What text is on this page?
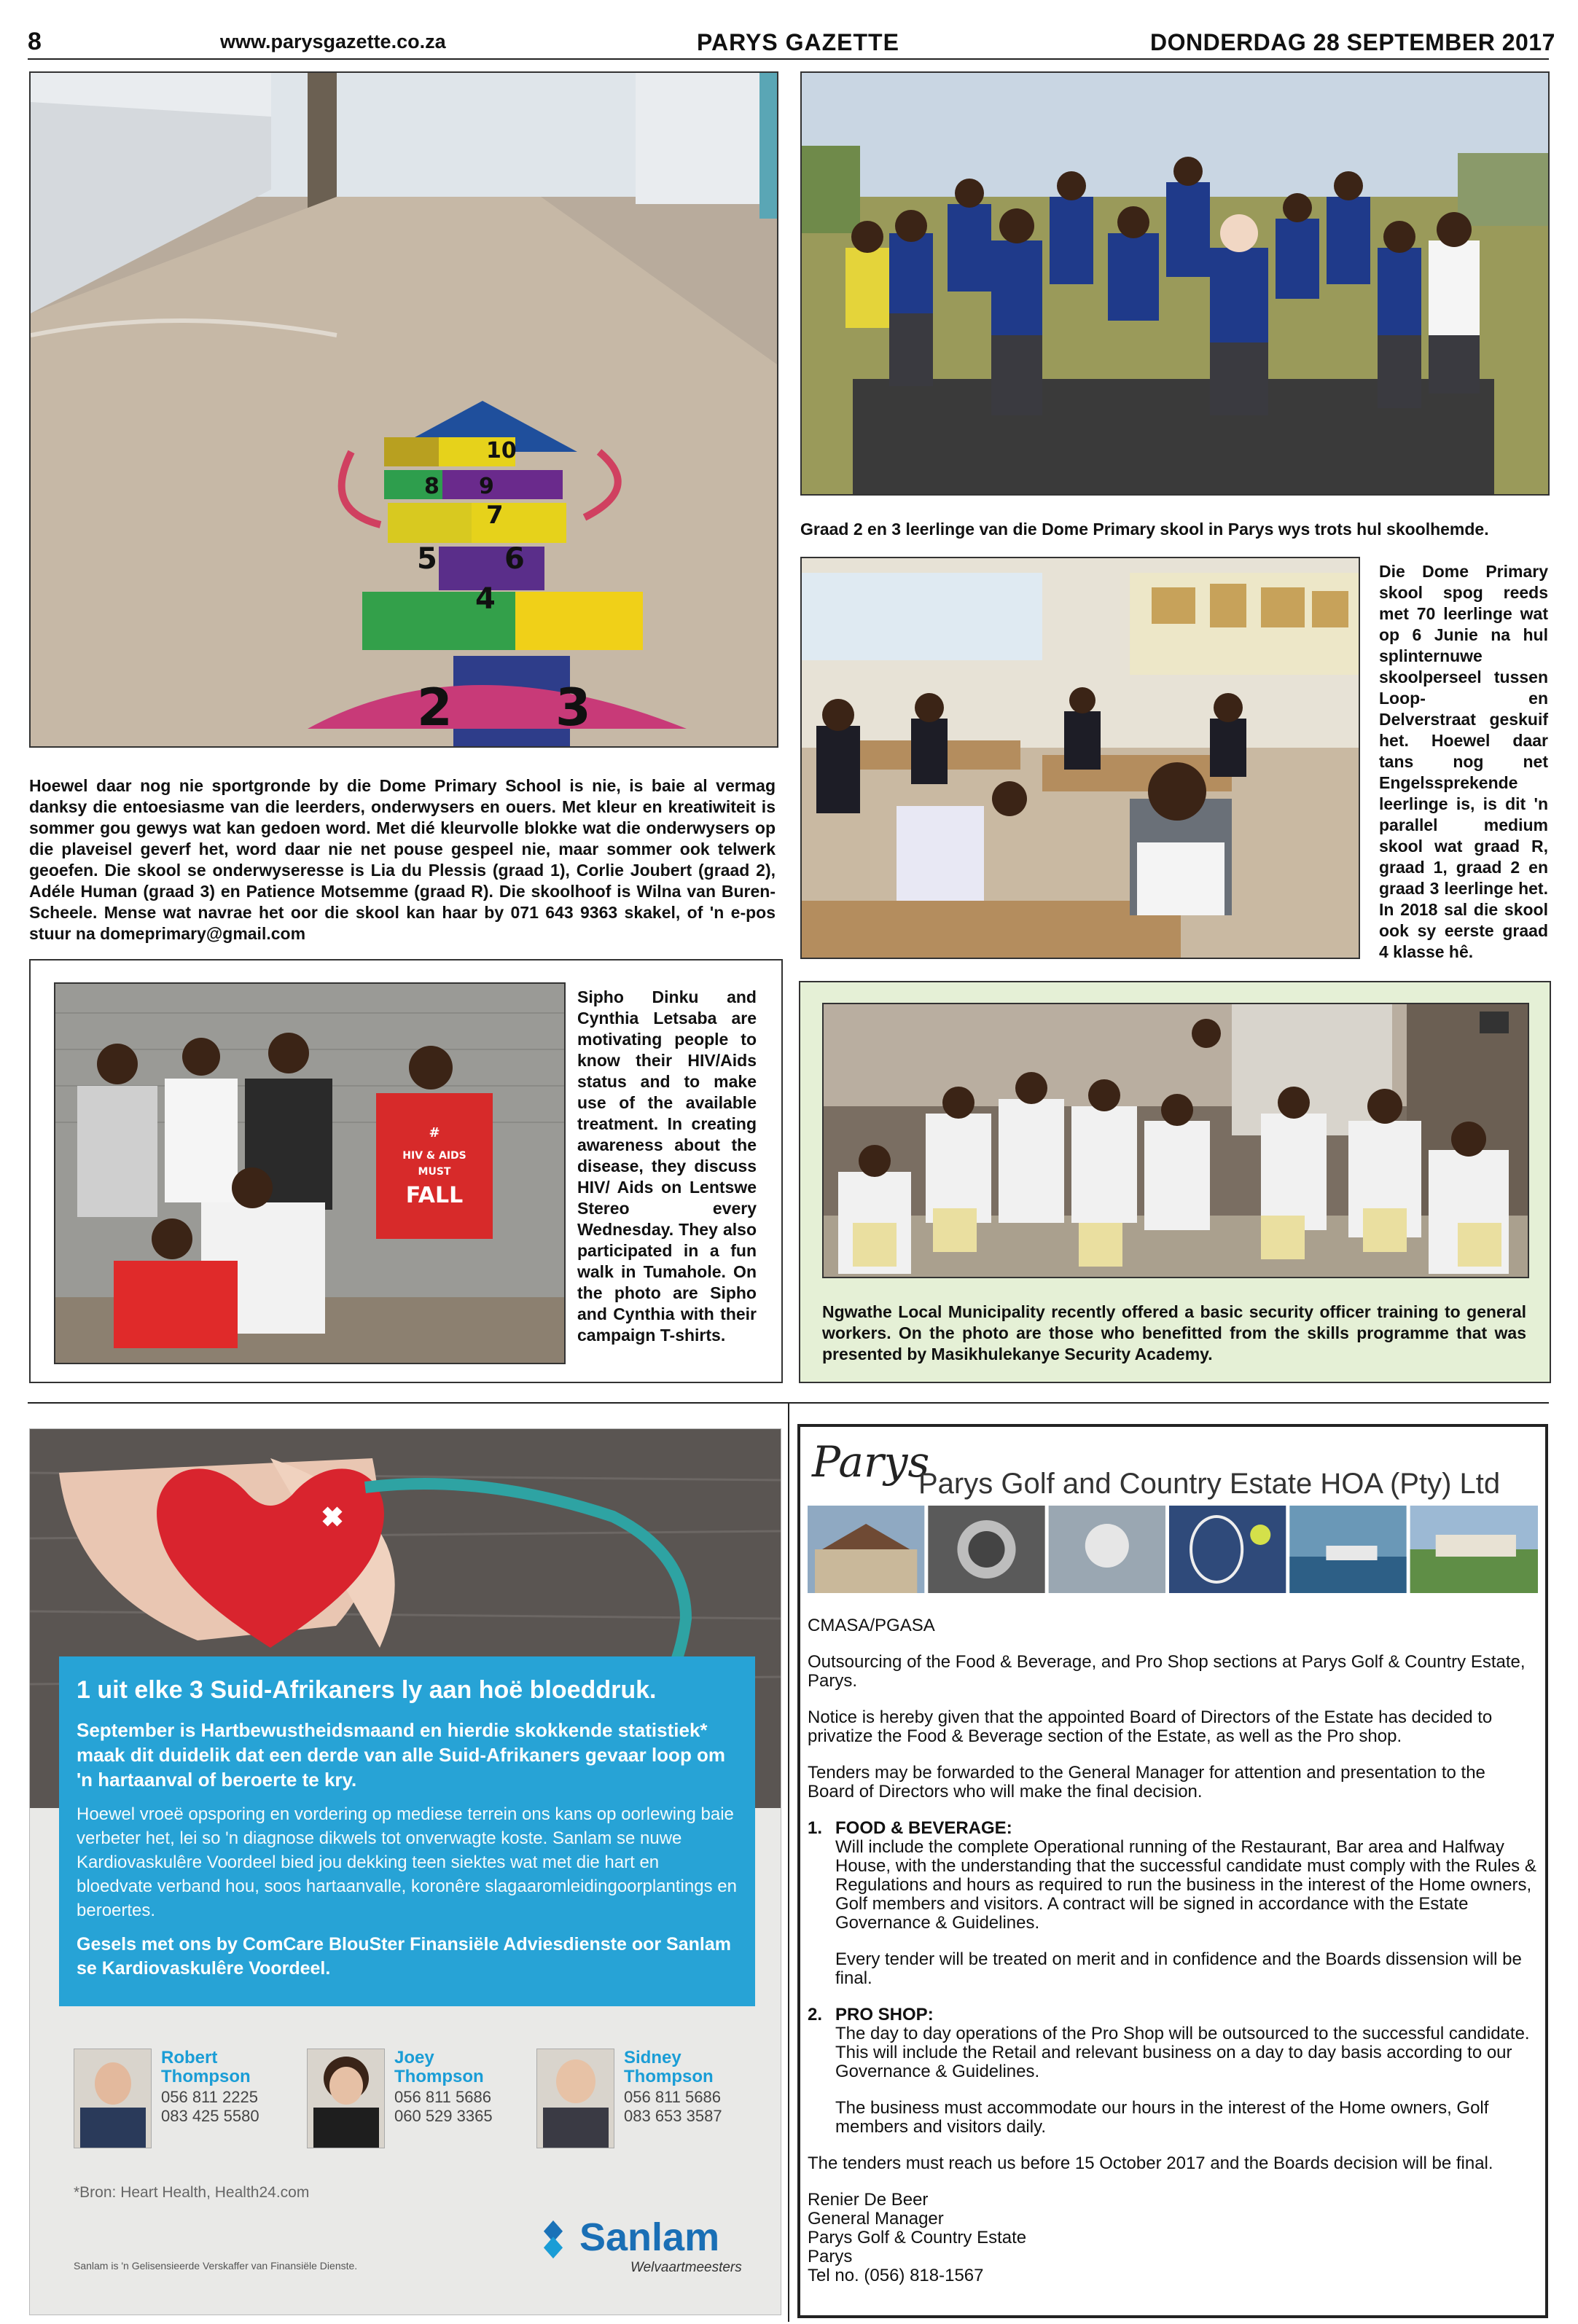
8	www.parysgazette.co.za	PARYS GAZETTE	DONDERDAG 28 SEPTEMBER 2017
10
8 9
7
5 6
4
2 3
Hoewel daar nog nie sportgronde by die Dome Primary School is nie, is baie al vermag danksy die entoesiasme van die leerders, onderwysers en ouers. Met kleur en kreatiwiteit is sommer gou gewys wat kan gedoen word. Met dié kleurvolle blokke wat die onderwysers op die plaveisel geverf het, word daar nie net pouse gespeel nie, maar sommer ook telwerk geoefen. Die skool se onderwyseresse is Lia du Plessis (graad 1), Corlie Joubert (graad 2), Adéle Human (graad 3) en Patience Motsemme (graad R). Die skoolhoof is Wilna van Buren-Scheele. Mense wat navrae het oor die skool kan haar by 071 643 9363 skakel, of 'n e-pos stuur na domeprimary@gmail.com
Graad 2 en 3 leerlinge van die Dome Primary skool in Parys wys trots hul skoolhemde.
Die Dome Primary skool spog reeds met 70 leerlinge wat op 6 Junie na hul splinternuwe skoolperseel tussen Loop- en Delverstraat geskuif het. Hoewel daar tans nog net Engelssprekende leerlinge is, is dit 'n parallel medium skool wat graad R, graad 1, graad 2 en graad 3 leerlinge het. In 2018 sal die skool ook sy eerste graad 4 klasse hê.
#
HIV & AIDS
MUST
FALL
Sipho Dinku and Cynthia Letsaba are motivating people to know their HIV/Aids status and to make use of the available treatment. In creating awareness about the disease, they discuss HIV/ Aids on Lentswe Stereo every Wednesday. They also participated in a fun walk in Tumahole. On the photo are Sipho and Cynthia with their campaign T-shirts.
Ngwathe Local Municipality recently offered a basic security officer training to general workers. On the photo are those who benefitted from the skills programme that was presented by Masikhulekanye Security Academy.
1 uit elke 3 Suid-Afrikaners ly aan hoë bloeddruk.
September is Hartbewustheidsmaand en hierdie skokkende statistiek* maak dit duidelik dat een derde van alle Suid-Afrikaners gevaar loop om 'n hartaanval of beroerte te kry.
Hoewel vroeë opsporing en vordering op mediese terrein ons kans op oorlewing baie verbeter het, lei so 'n diagnose dikwels tot onverwagte koste. Sanlam se nuwe Kardiovaskulêre Voordeel bied jou dekking teen siektes wat met die hart en bloedvate verband hou, soos hartaanvalle, koronêre slagaaromleidingoorplantings en beroertes.
Gesels met ons by ComCare BlouSter Finansiële Adviesdienste oor Sanlam se Kardiovaskulêre Voordeel.
Robert
Thompson
056 811 2225
083 425 5580
Joey
Thompson
056 811 5686
060 529 3365
Sidney
Thompson
056 811 5686
083 653 3587
*Bron: Heart Health, Health24.com
Sanlam
Welvaartmeesters
Sanlam is 'n Gelisensieerde Verskaffer van Finansiële Dienste.
Parys
Parys Golf and Country Estate HOA (Pty) Ltd

CMASA/PGASA

Outsourcing of the Food & Beverage, and Pro Shop sections at Parys Golf & Country Estate, Parys.

Notice is hereby given that the appointed Board of Directors of the Estate has decided to privatize the Food & Beverage section of the Estate, as well as the Pro shop.

Tenders may be forwarded to the General Manager for attention and presentation to the Board of Directors who will make the final decision.

1. FOOD & BEVERAGE:
Will include the complete Operational running of the Restaurant, Bar area and Halfway House, with the understanding that the successful candidate must comply with the Rules & Regulations and hours as required to run the business in the interest of the Home owners, Golf members and visitors. A contract will be signed in accordance with the Estate Governance & Guidelines.
Every tender will be treated on merit and in confidence and the Boards dissension will be final.
2. PRO SHOP:
The day to day operations of the Pro Shop will be outsourced to the successful candidate. This will include the Retail and relevant business on a day to day basis according to our Governance & Guidelines.
The business must accommodate our hours in the interest of the Home owners, Golf members and visitors daily.

The tenders must reach us before 15 October 2017 and the Boards decision will be final.

Renier De Beer
General Manager
Parys Golf & Country Estate
Parys
Tel no. (056) 818-1567
